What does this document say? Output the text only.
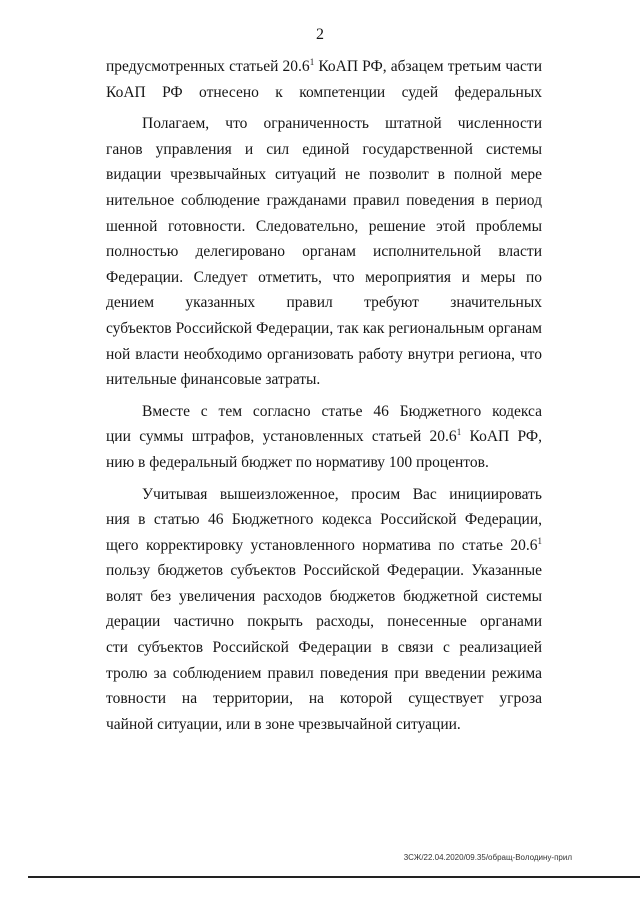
2

предусмотренных статьей 20.6$^1$ КоАП РФ, абзацем третьим части
КоАП РФ отнесено к компетенции судей федеральных

Полагаем, что ограниченность штатной численности
ганов управления и сил единой государственной системы
видации чрезвычайных ситуаций не позволит в полной мере
нительное соблюдение гражданами правил поведения в период
шенной готовности. Следовательно, решение этой проблемы
полностью делегировано органам исполнительной власти
Федерации. Следует отметить, что мероприятия и меры по
дением указанных правил требуют значительных
субъектов Российской Федерации, так как региональным органам
ной власти необходимо организовать работу внутри региона, что
нительные финансовые затраты.

Вместе с тем согласно статье 46 Бюджетного кодекса
ции суммы штрафов, установленных статьей 20.6$^1$ КоАП РФ,
нию в федеральный бюджет по нормативу 100 процентов.

Учитывая вышеизложенное, просим Вас инициировать
ния в статью 46 Бюджетного кодекса Российской Федерации,
щего корректировку установленного норматива по статье 20.6$^1$
пользу бюджетов субъектов Российской Федерации. Указанные
волят без увеличения расходов бюджетов бюджетной системы
дерации частично покрыть расходы, понесенные органами
сти субъектов Российской Федерации в связи с реализацией
тролю за соблюдением правил поведения при введении режима
товности на территории, на которой существует угроза
чайной ситуации, или в зоне чрезвычайной ситуации.

3СЖ/22.04.2020/09.35/обращ-Володину-прил
